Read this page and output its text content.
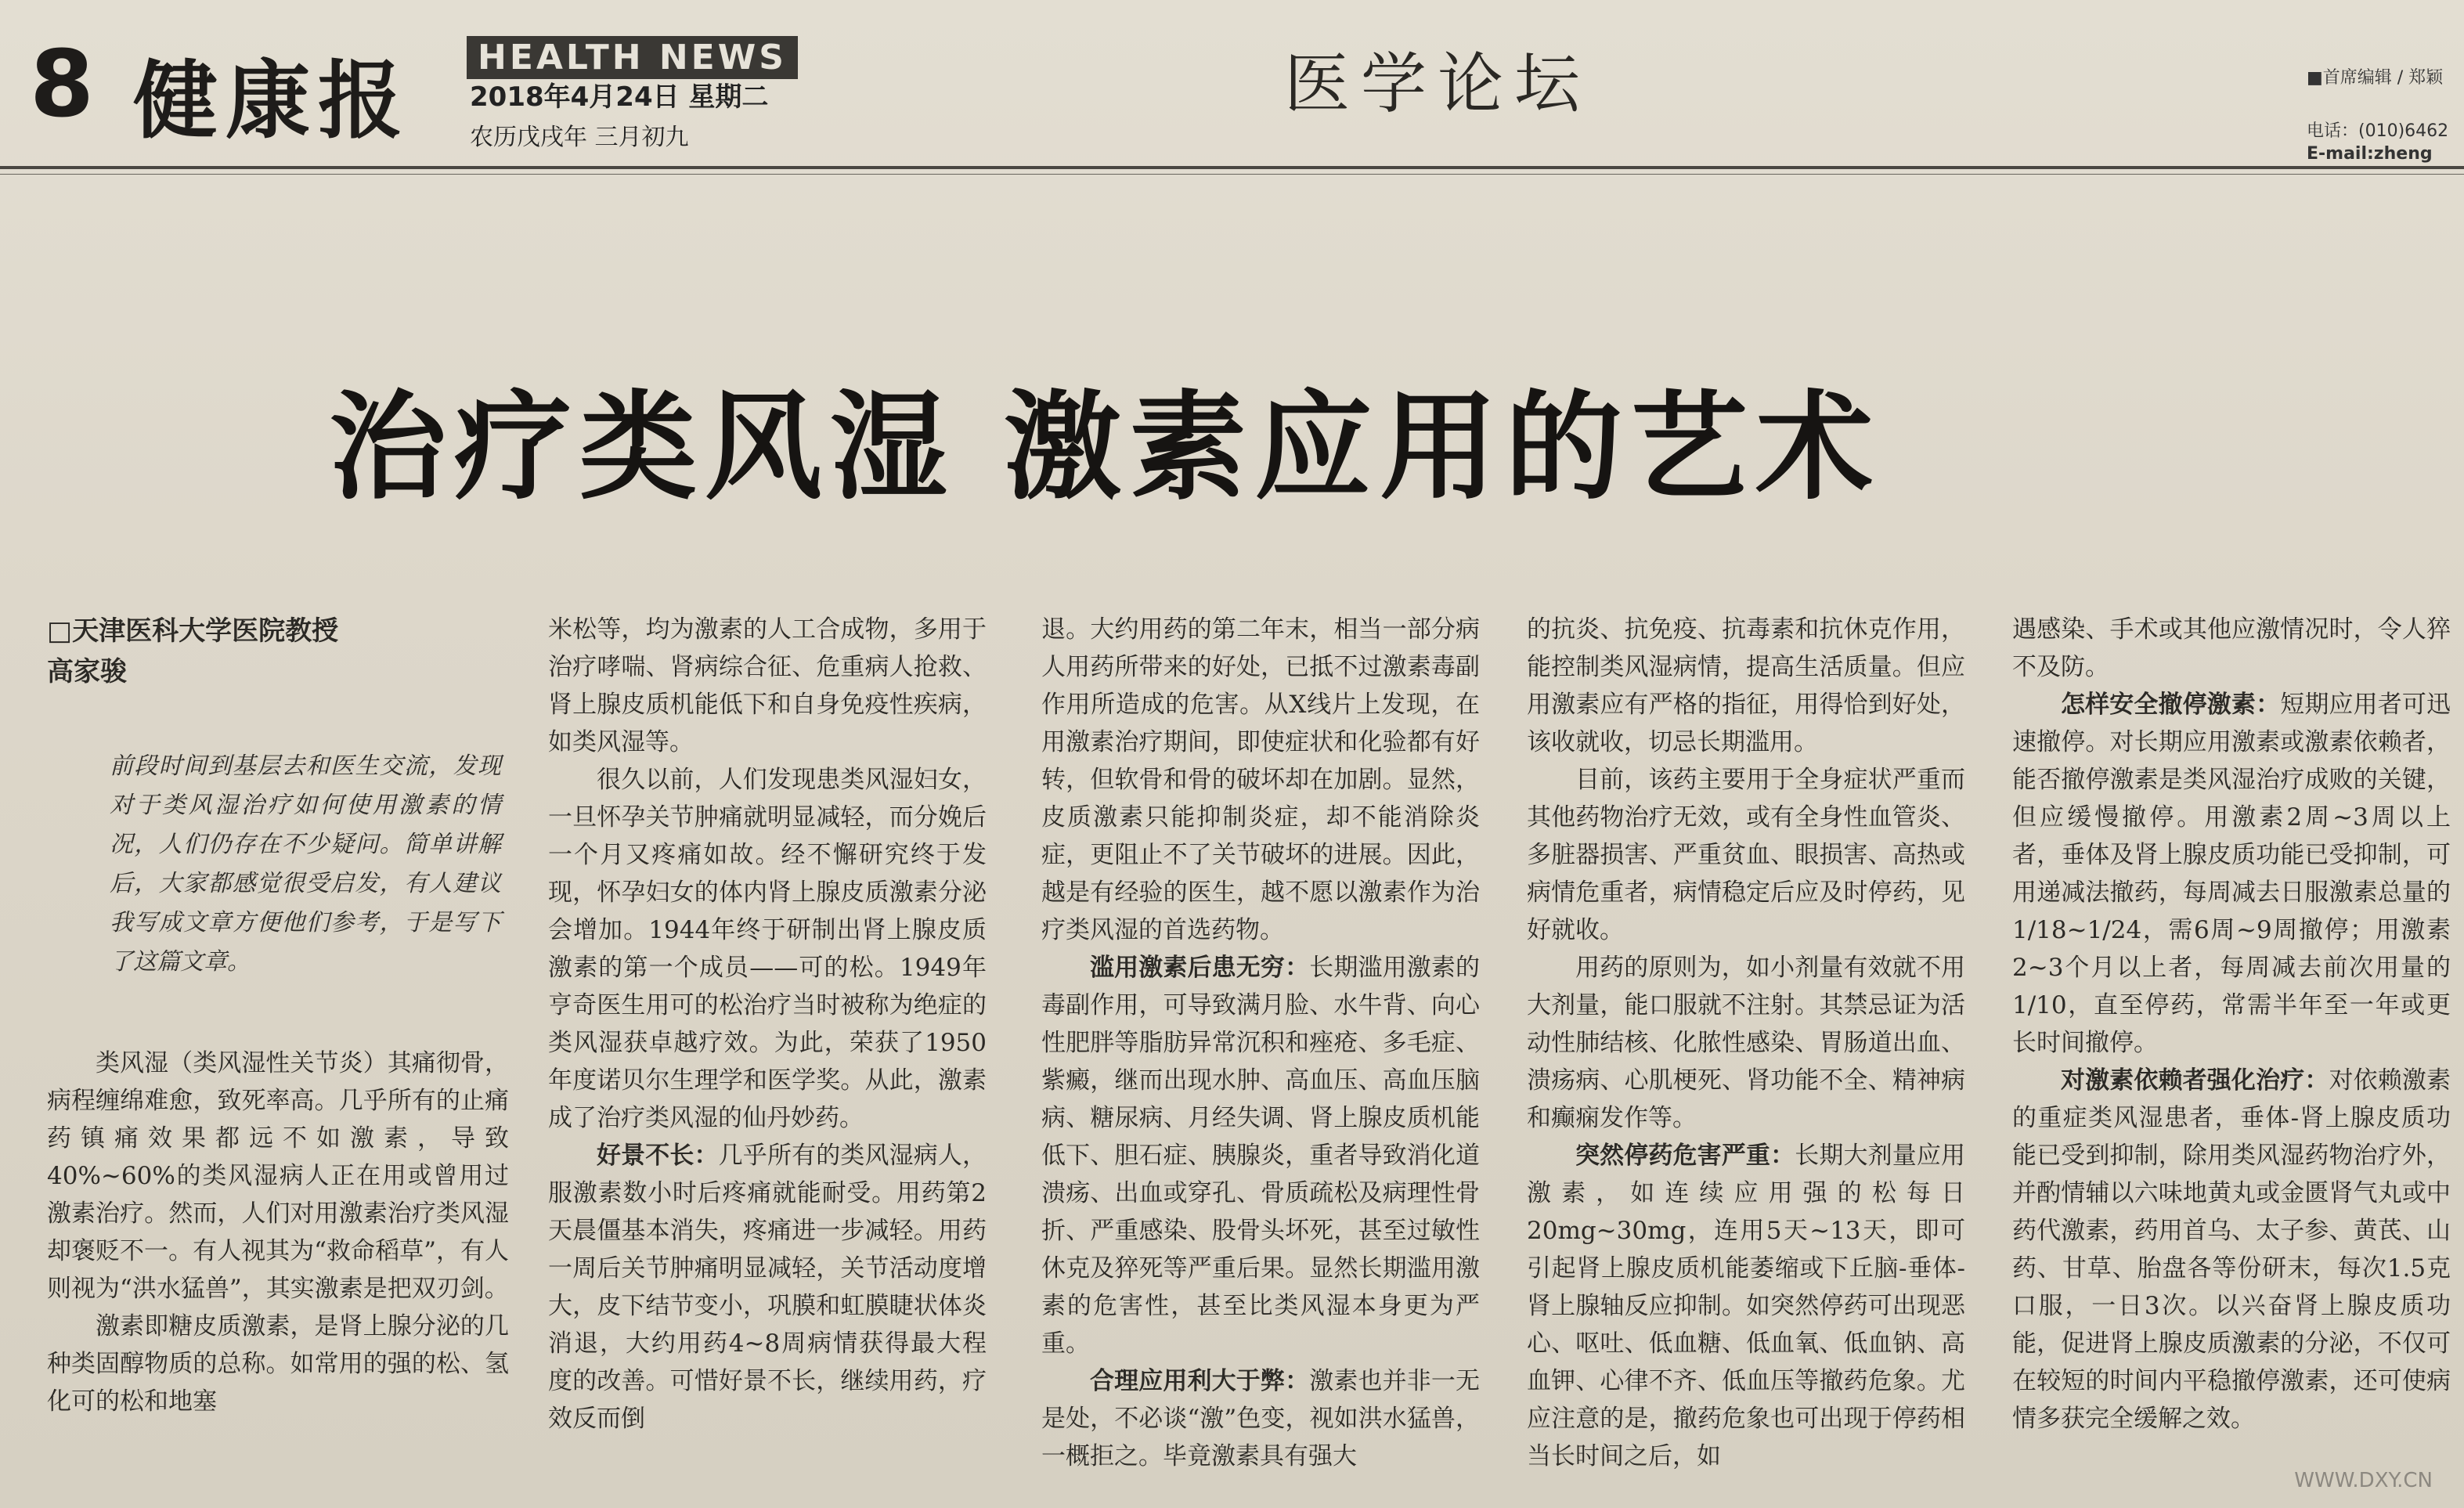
8 健康报	HEALTH NEWS
2018年4月24日 星期二
农历戊戌年 三月初九
医学论坛	■首席编辑 / 郑颖
电话：(010)6462
E-mail:zheng
治疗类风湿 激素应用的艺术

□天津医科大学医院教授

高家骏

前段时间到基层去和医生交流，发现对于类风湿治疗如何使用激素的情况，人们仍存在不少疑问。简单讲解后，大家都感觉很受启发，有人建议我写成文章方便他们参考，于是写下了这篇文章。

类风湿（类风湿性关节炎）其痛彻骨，病程缠绵难愈，致死率高。几乎所有的止痛药镇痛效果都远不如激素，导致40%~60%的类风湿病人正在用或曾用过激素治疗。然而，人们对用激素治疗类风湿却褒贬不一。有人视其为“救命稻草”，有人则视为“洪水猛兽”，其实激素是把双刃剑。

激素即糖皮质激素，是肾上腺分泌的几种类固醇物质的总称。如常用的强的松、氢化可的松和地塞

米松等，均为激素的人工合成物，多用于治疗哮喘、肾病综合征、危重病人抢救、肾上腺皮质机能低下和自身免疫性疾病，如类风湿等。

很久以前，人们发现患类风湿妇女，一旦怀孕关节肿痛就明显减轻，而分娩后一个月又疼痛如故。经不懈研究终于发现，怀孕妇女的体内肾上腺皮质激素分泌会增加。1944年终于研制出肾上腺皮质激素的第一个成员——可的松。1949年亨奇医生用可的松治疗当时被称为绝症的类风湿获卓越疗效。为此，荣获了1950年度诺贝尔生理学和医学奖。从此，激素成了治疗类风湿的仙丹妙药。

好景不长：几乎所有的类风湿病人，服激素数小时后疼痛就能耐受。用药第2天晨僵基本消失，疼痛进一步减轻。用药一周后关节肿痛明显减轻，关节活动度增大，皮下结节变小，巩膜和虹膜睫状体炎消退，大约用药4~8周病情获得最大程度的改善。可惜好景不长，继续用药，疗效反而倒

退。大约用药的第二年末，相当一部分病人用药所带来的好处，已抵不过激素毒副作用所造成的危害。从X线片上发现，在用激素治疗期间，即使症状和化验都有好转，但软骨和骨的破坏却在加剧。显然，皮质激素只能抑制炎症，却不能消除炎症，更阻止不了关节破坏的进展。因此，越是有经验的医生，越不愿以激素作为治疗类风湿的首选药物。

滥用激素后患无穷：长期滥用激素的毒副作用，可导致满月脸、水牛背、向心性肥胖等脂肪异常沉积和痤疮、多毛症、紫癜，继而出现水肿、高血压、高血压脑病、糖尿病、月经失调、肾上腺皮质机能低下、胆石症、胰腺炎，重者导致消化道溃疡、出血或穿孔、骨质疏松及病理性骨折、严重感染、股骨头坏死，甚至过敏性休克及猝死等严重后果。显然长期滥用激素的危害性，甚至比类风湿本身更为严重。

合理应用利大于弊：激素也并非一无是处，不必谈“激”色变，视如洪水猛兽，一概拒之。毕竟激素具有强大

的抗炎、抗免疫、抗毒素和抗休克作用，能控制类风湿病情，提高生活质量。但应用激素应有严格的指征，用得恰到好处，该收就收，切忌长期滥用。

目前，该药主要用于全身症状严重而其他药物治疗无效，或有全身性血管炎、多脏器损害、严重贫血、眼损害、高热或病情危重者，病情稳定后应及时停药，见好就收。

用药的原则为，如小剂量有效就不用大剂量，能口服就不注射。其禁忌证为活动性肺结核、化脓性感染、胃肠道出血、溃疡病、心肌梗死、肾功能不全、精神病和癫痫发作等。

突然停药危害严重：长期大剂量应用激素，如连续应用强的松每日20mg~30mg，连用5天~13天，即可引起肾上腺皮质机能萎缩或下丘脑-垂体-肾上腺轴反应抑制。如突然停药可出现恶心、呕吐、低血糖、低血氧、低血钠、高血钾、心律不齐、低血压等撤药危象。尤应注意的是，撤药危象也可出现于停药相当长时间之后，如

遇感染、手术或其他应激情况时，令人猝不及防。

怎样安全撤停激素：短期应用者可迅速撤停。对长期应用激素或激素依赖者，能否撤停激素是类风湿治疗成败的关键，但应缓慢撤停。用激素2周~3周以上者，垂体及肾上腺皮质功能已受抑制，可用递减法撤药，每周减去日服激素总量的1/18~1/24，需6周~9周撤停；用激素2~3个月以上者，每周减去前次用量的1/10，直至停药，常需半年至一年或更长时间撤停。

对激素依赖者强化治疗：对依赖激素的重症类风湿患者，垂体-肾上腺皮质功能已受到抑制，除用类风湿药物治疗外，并酌情辅以六味地黄丸或金匮肾气丸或中药代激素，药用首乌、太子参、黄芪、山药、甘草、胎盘各等份研末，每次1.5克口服，一日3次。以兴奋肾上腺皮质功能，促进肾上腺皮质激素的分泌，不仅可在较短的时间内平稳撤停激素，还可使病情多获完全缓解之效。

WWW.DXY.CN
